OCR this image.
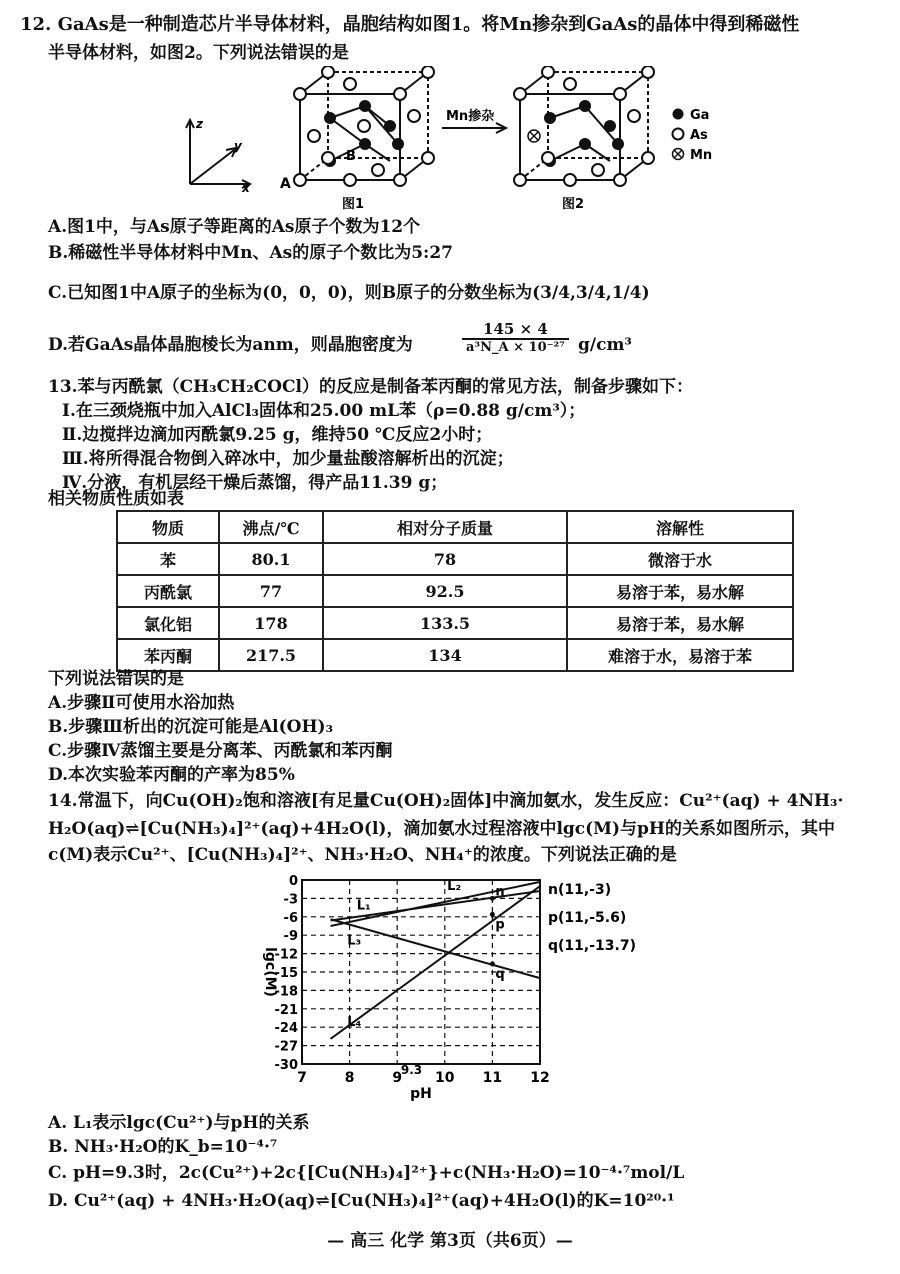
12. GaAs是一种制造芯片半导体材料，晶胞结构如图1。将Mn掺杂到GaAs的晶体中得到稀磁性
半导体材料，如图2。下列说法错误的是
z
y
x A
B
图1
Mn掺杂
图2
Ga
As
Mn
A.图1中，与As原子等距离的As原子个数为12个
B.稀磁性半导体材料中Mn、As的原子个数比为5:27
C.已知图1中A原子的坐标为(0，0，0)，则B原子的分数坐标为(3/4,3/4,1/4)
D.若GaAs晶体晶胞棱长为anm，则晶胞密度为	$\frac{145 \times 4}{\text{a³N\_A × 10⁻²⁷}} g/cm^3$
13.苯与丙酰氯（CH₃CH₂COCl）的反应是制备苯丙酮的常见方法，制备步骤如下：
Ⅰ.在三颈烧瓶中加入AlCl₃固体和25.00 mL苯（ρ=0.88 g/cm³）；
Ⅱ.边搅拌边滴加丙酰氯9.25 g，维持50 ℃反应2小时；
Ⅲ.将所得混合物倒入碎冰中，加少量盐酸溶解析出的沉淀；
Ⅳ.分液，有机层经干燥后蒸馏，得产品11.39 g；
相关物质性质如表
物质	沸点/℃	相对分子质量	溶解性
苯	80.1	78	微溶于水
丙酰氯	77	92.5	易溶于苯，易水解
氯化铝	178	133.5	易溶于苯，易水解
苯丙酮	217.5	134	难溶于水，易溶于苯
下列说法错误的是
A.步骤Ⅱ可使用水浴加热
B.步骤Ⅲ析出的沉淀可能是Al(OH)₃
C.步骤Ⅳ蒸馏主要是分离苯、丙酰氯和苯丙酮
D.本次实验苯丙酮的产率为85%
14.常温下，向Cu(OH)₂饱和溶液[有足量Cu(OH)₂固体]中滴加氨水，发生反应：Cu²⁺(aq) + 4NH₃·
H₂O(aq)⇌[Cu(NH₃)₄]²⁺(aq)+4H₂O(l)，滴加氨水过程溶液中lgc(M)与pH的关系如图所示，其中
c(M)表示Cu²⁺、[Cu(NH₃)₄]²⁺、NH₃·H₂O、NH₄⁺的浓度。下列说法正确的是
0
-3
-6
-9
-12
-15
-18
-21
-24
-27
-30
7	8	9
9.3 10 11 12
pH
lgc(M)
L₁
L₂
L₃
L₄
n	n(11,-3)
p	p(11,-5.6)
q
q(11,-13.7)
A. L₁表示lgc(Cu²⁺)与pH的关系
B. NH₃·H₂O的K_b=10⁻⁴·⁷
C. pH=9.3时，2c(Cu²⁺)+2c{[Cu(NH₃)₄]²⁺}+c(NH₃·H₂O)=10⁻⁴·⁷mol/L
D. Cu²⁺(aq) + 4NH₃·H₂O(aq)⇌[Cu(NH₃)₄]²⁺(aq)+4H₂O(l)的K=10²⁰·¹
— 高三 化学 第3页（共6页）—
